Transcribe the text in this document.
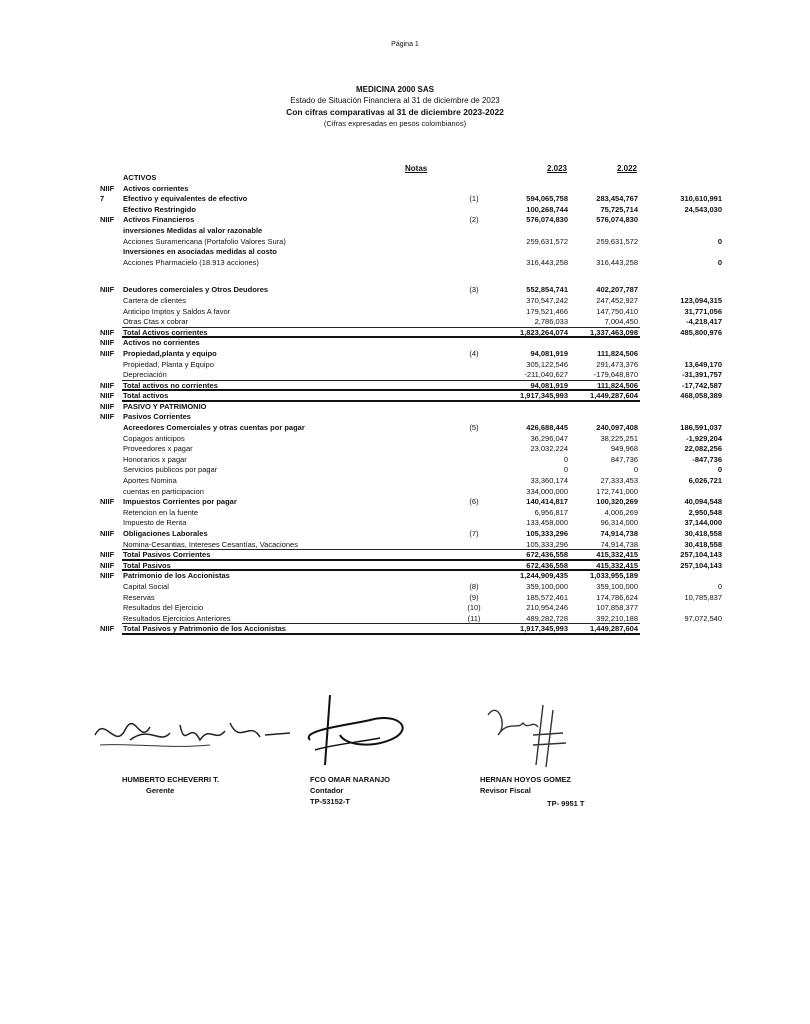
Página 1
MEDICINA 2000 SAS
Estado de Situación Financiera al 31 de diciembre de 2023
Con cifras comparativas al 31 de diciembre 2023-2022
(Cifras expresadas en pesos colombianos)
Notas	2.023	2.022
ACTIVOS
NIIF	Activos corrientes
7	Efectivo y equivalentes de efectivo	(1)	594,065,758	283,454,767	310,610,991
Efectivo Restringido	100,268,744	75,725,714	24,543,030
NIIF	Activos Financieros	(2)	576,074,830	576,074,830
inversiones Medidas al valor razonable
Acciones Suramericana (Portafolio Valores Sura)	259,631,572	259,631,572	0
Inversiones en asociadas medidas al costo
Acciones Pharmacielo (18.913 acciones)	316,443,258	316,443,258	0
NIIF	Deudores comerciales y Otros Deudores	(3)	552,854,741	402,207,787
Cartera de clientes	370,547,242	247,452,927	123,094,315
Anticipo Imptos y Saldos A favor	179,521,466	147,750,410	31,771,056
Otras Ctas x cobrar	2,786,033	7,004,450	-4,218,417
NIIF	Total Activos corrientes	1,823,264,074	1,337,463,098	485,800,976
NIIF	Activos no corrientes
NIIF	Propiedad,planta y equipo	(4)	94,081,919	111,824,506
Propiedad, Planta y Equipo	305,122,546	291,473,376	13,649,170
Depreciación	-211,040,627	-179,648,870	-31,391,757
NIIF	Total activos no corrientes	94,081,919	111,824,506	-17,742,587
NIIF	Total activos	1,917,345,993	1,449,287,604	468,058,389
NIIF	PASIVO Y PATRIMONIO
NIIF	Pasivos Corrientes
Acreedores Comerciales y otras cuentas por pagar	(5)	426,688,445	240,097,408	186,591,037
Copagos anticipos	36,296,047	38,225,251	-1,929,204
Proveedores x pagar	23,032,224	949,968	22,082,256
Honorarios x pagar	0	847,736	-847,736
Servicios publicos por pagar	0	0	0
Aportes Nomina	33,360,174	27,333,453	6,026,721
cuentas en participacion	334,000,000	172,741,000
NIIF	Impuestos Corrientes por pagar	(6)	140,414,817	100,320,269	40,094,548
Retencion en la fuente	6,956,817	4,006,269	2,950,548
Impuesto de Renta	133,458,000	96,314,000	37,144,000
NIIF	Obligaciones Laborales	(7)	105,333,296	74,914,738	30,418,558
Nomina-Cesantias, Intereses Cesantías, Vacaciones	105,333,296	74,914,738	30,418,558
NIIF	Total Pasivos Corrientes	672,436,558	415,332,415	257,104,143
NIIF	Total Pasivos	672,436,558	415,332,415	257,104,143
NIIF	Patrimonio de los Accionistas	1,244,909,435	1,033,955,189
Capital Social	(8)	359,100,000	359,100,000	0
Reservas	(9)	185,572,461	174,786,624	10,785,837
Resultados del Ejercicio	(10)	210,954,246	107,858,377
Resultados Ejercicios Anteriores	(11)	489,282,728	392,210,188	97,072,540
NIIF	Total Pasivos y Patrimonio de los Accionistas	1,917,345,993	1,449,287,604
HUMBERTO ECHEVERRI T.
Gerente
FCO OMAR NARANJO
Contador
TP-53152-T
HERNAN HOYOS GOMEZ
Revisor Fiscal
TP- 9951 T
